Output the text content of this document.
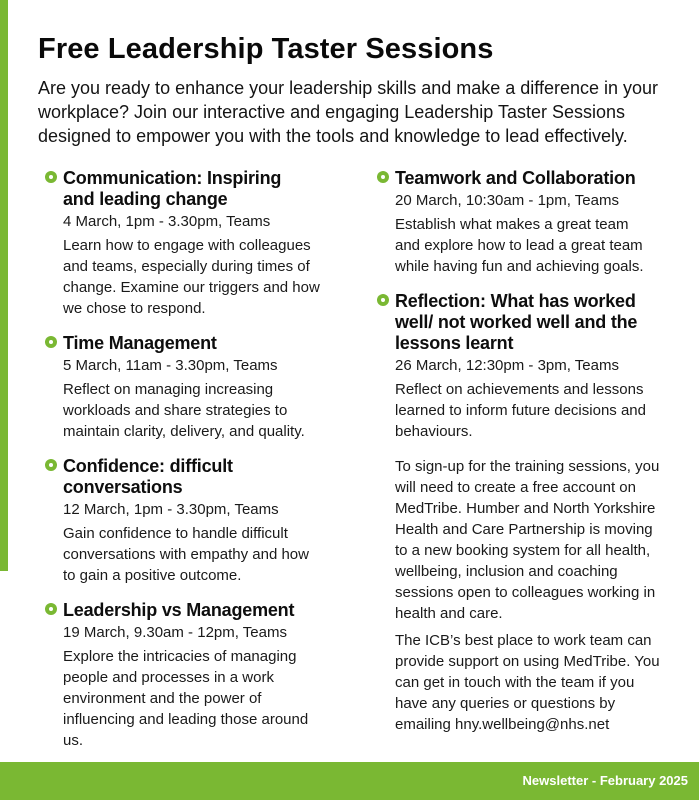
Free Leadership Taster Sessions

Are you ready to enhance your leadership skills and make a difference in your workplace? Join our interactive and engaging Leadership Taster Sessions designed to empower you with the tools and knowledge to lead effectively.

Communication: Inspiring and leading change

4 March, 1pm - 3.30pm, Teams

Learn how to engage with colleagues and teams, especially during times of change. Examine our triggers and how we chose to respond.

Time Management

5 March, 11am - 3.30pm, Teams

Reflect on managing increasing workloads and share strategies to maintain clarity, delivery, and quality.

Confidence: difficult conversations

12 March, 1pm - 3.30pm, Teams

Gain confidence to handle difficult conversations with empathy and how to gain a positive outcome.

Leadership vs Management

19 March, 9.30am - 12pm, Teams

Explore the intricacies of managing people and processes in a work environment and the power of influencing and leading those around us.

Teamwork and Collaboration

20 March, 10:30am - 1pm, Teams

Establish what makes a great team and explore how to lead a great team while having fun and achieving goals.

Reflection: What has worked well/ not worked well and the lessons learnt

26 March, 12:30pm - 3pm, Teams

Reflect on achievements and lessons learned to inform future decisions and behaviours.

To sign-up for the training sessions, you will need to create a free account on MedTribe. Humber and North Yorkshire Health and Care Partnership is moving to a new booking system for all health, wellbeing, inclusion and coaching sessions open to colleagues working in health and care.

The ICB’s best place to work team can provide support on using MedTribe. You can get in touch with the team if you have any queries or questions by emailing hny.wellbeing@nhs.net

Newsletter - February 2025
